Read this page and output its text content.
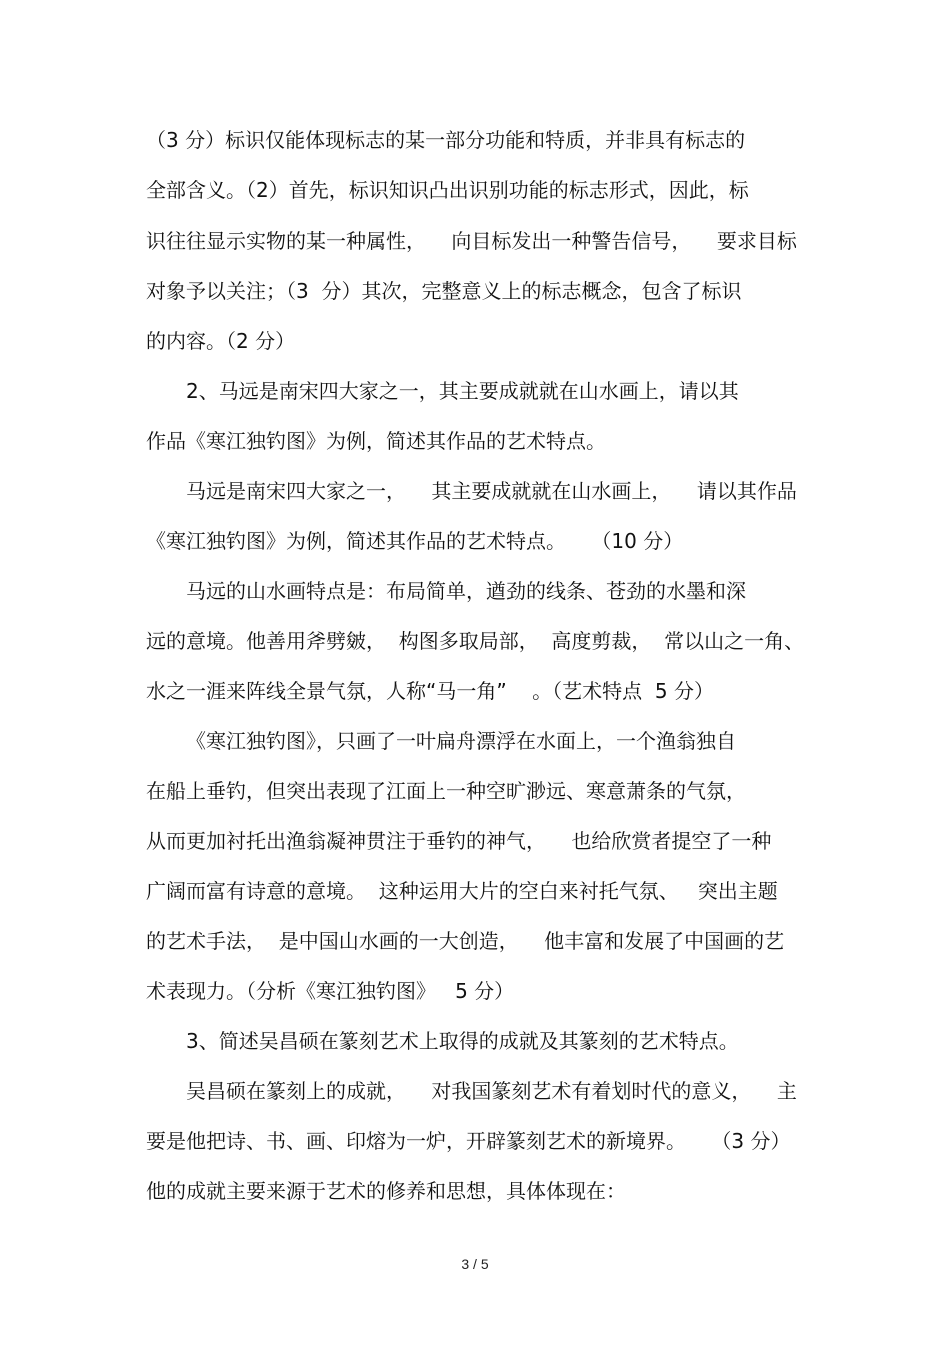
（3 分）标识仅能体现标志的某一部分功能和特质，并非具有标志的
全部含义。（2）首先，标识知识凸出识别功能的标志形式，因此，标
识往往显示实物的某一种属性，    向目标发出一种警告信号，    要求目标
对象予以关注；（3  分）其次，完整意义上的标志概念，包含了标识
的内容。（2 分）
2、马远是南宋四大家之一，其主要成就就在山水画上，请以其
作品《寒江独钓图》为例，简述其作品的艺术特点。
马远是南宋四大家之一，    其主要成就就在山水画上，    请以其作品
《寒江独钓图》为例，简述其作品的艺术特点。    （10 分）
马远的山水画特点是：布局简单，遒劲的线条、苍劲的水墨和深
远的意境。他善用斧劈皴，  构图多取局部，  高度剪裁，  常以山之一角、
水之一涯来阵线全景气氛，人称“马一角”    。（艺术特点  5 分）
《寒江独钓图》，只画了一叶扁舟漂浮在水面上，一个渔翁独自
在船上垂钓，但突出表现了江面上一种空旷渺远、寒意萧条的气氛，
从而更加衬托出渔翁凝神贯注于垂钓的神气，    也给欣赏者提空了一种
广阔而富有诗意的意境。  这种运用大片的空白来衬托气氛、   突出主题
的艺术手法，  是中国山水画的一大创造，    他丰富和发展了中国画的艺
术表现力。（分析《寒江独钓图》   5 分）
3、简述吴昌硕在篆刻艺术上取得的成就及其篆刻的艺术特点。
吴昌硕在篆刻上的成就，    对我国篆刻艺术有着划时代的意义，    主
要是他把诗、书、画、印熔为一炉，开辟篆刻艺术的新境界。    （3 分）
他的成就主要来源于艺术的修养和思想，具体体现在：
3 / 5
